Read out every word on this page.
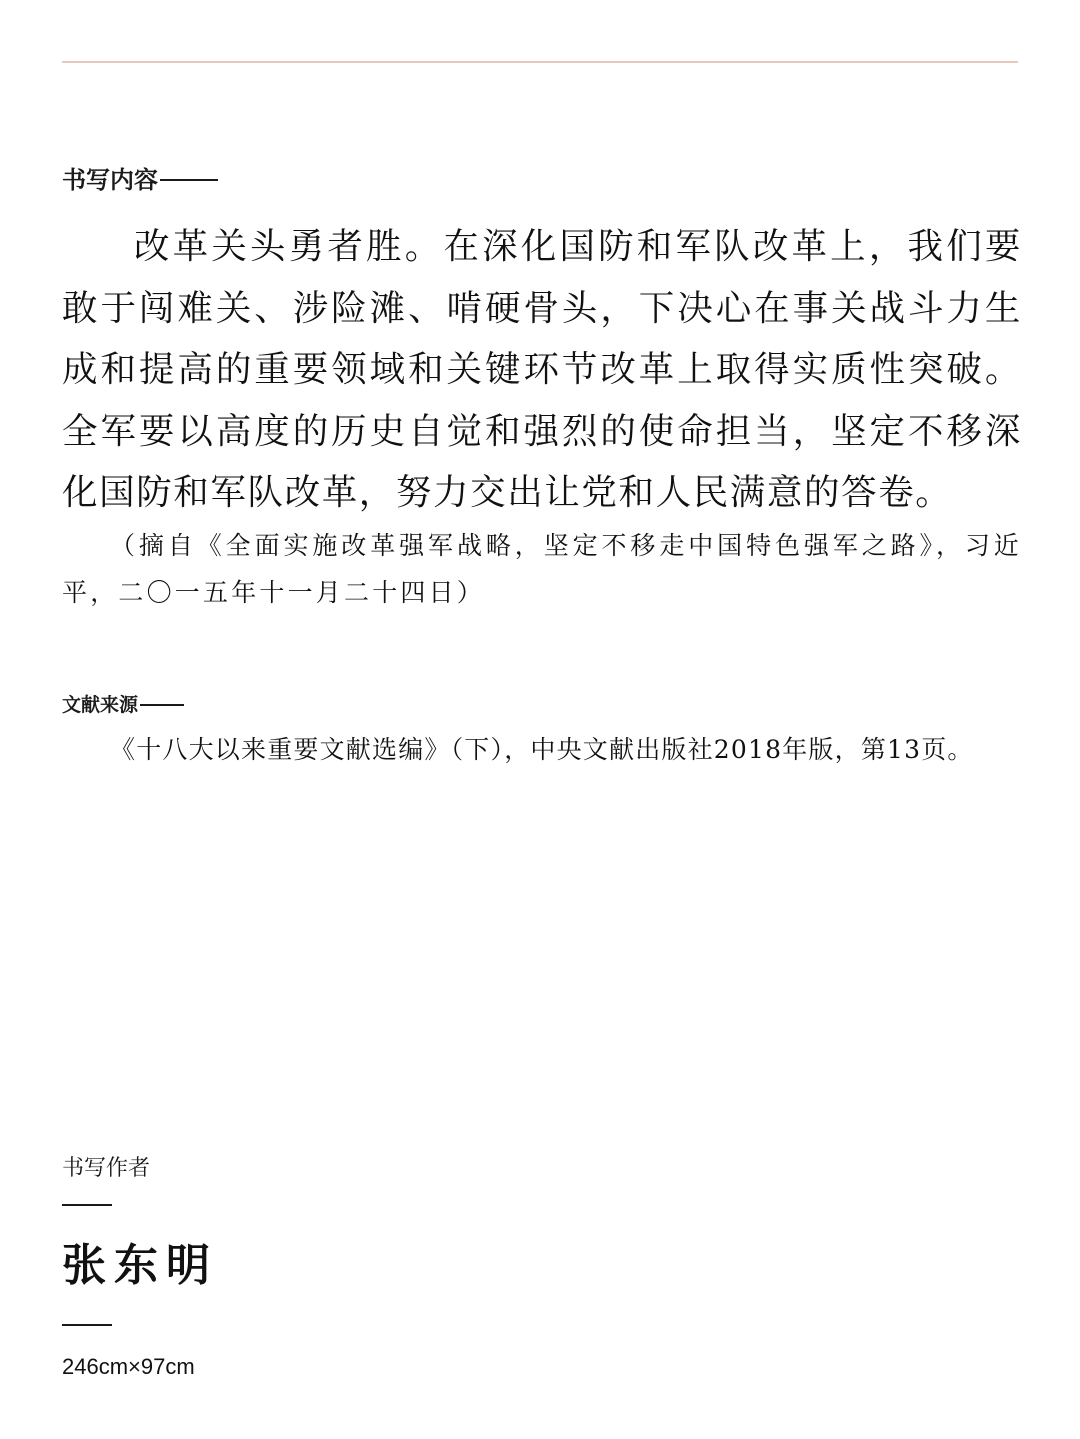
书写内容

改革关头勇者胜。在深化国防和军队改革上，我们要敢于闯难关、涉险滩、啃硬骨头，下决心在事关战斗力生成和提高的重要领域和关键环节改革上取得实质性突破。全军要以高度的历史自觉和强烈的使命担当，坚定不移深化国防和军队改革，努力交出让党和人民满意的答卷。

（摘自《全面实施改革强军战略，坚定不移走中国特色强军之路》，习近平，二〇一五年十一月二十四日）

文献来源

《十八大以来重要文献选编》（下），中央文献出版社2018年版，第13页。

书写作者
张东明
246cm×97cm
